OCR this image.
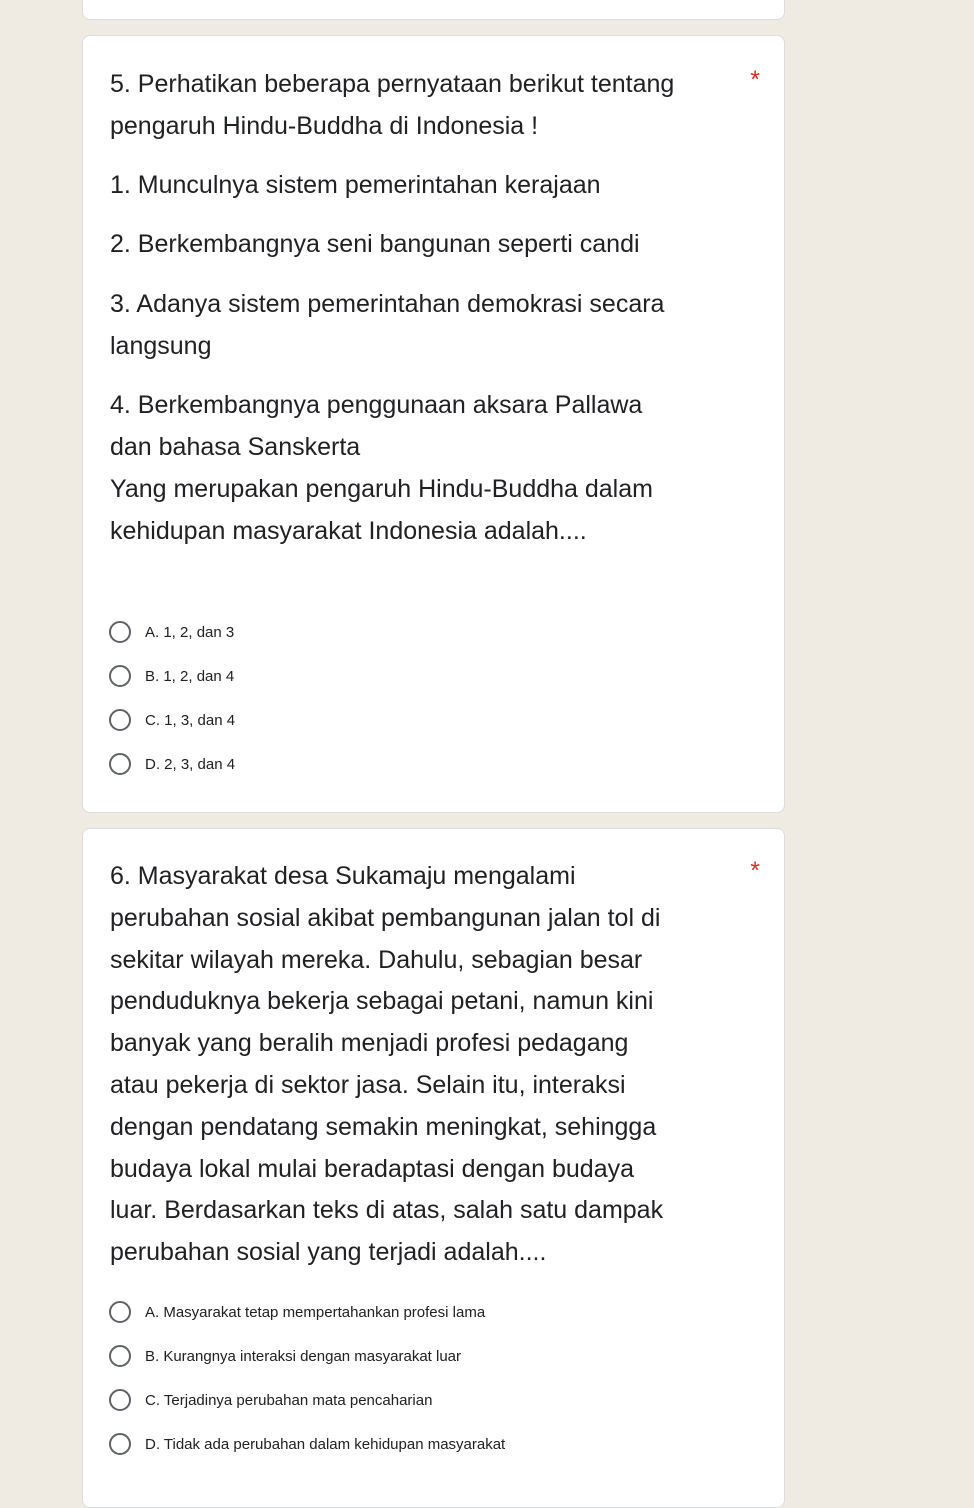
*
5. Perhatikan beberapa pernyataan berikut tentang
pengaruh Hindu-Buddha di Indonesia !
1. Munculnya sistem pemerintahan kerajaan
2. Berkembangnya seni bangunan seperti candi
3. Adanya sistem pemerintahan demokrasi secara
langsung
4. Berkembangnya penggunaan aksara Pallawa
dan bahasa Sanskerta
Yang merupakan pengaruh Hindu-Buddha dalam
kehidupan masyarakat Indonesia adalah....
A. 1, 2, dan 3
B. 1, 2, dan 4
C. 1, 3, dan 4
D. 2, 3, dan 4
*
6. Masyarakat desa Sukamaju mengalami
perubahan sosial akibat pembangunan jalan tol di
sekitar wilayah mereka. Dahulu, sebagian besar
penduduknya bekerja sebagai petani, namun kini
banyak yang beralih menjadi profesi pedagang
atau pekerja di sektor jasa. Selain itu, interaksi
dengan pendatang semakin meningkat, sehingga
budaya lokal mulai beradaptasi dengan budaya
luar. Berdasarkan teks di atas, salah satu dampak
perubahan sosial yang terjadi adalah....
A. Masyarakat tetap mempertahankan profesi lama
B. Kurangnya interaksi dengan masyarakat luar
C. Terjadinya perubahan mata pencaharian
D. Tidak ada perubahan dalam kehidupan masyarakat
